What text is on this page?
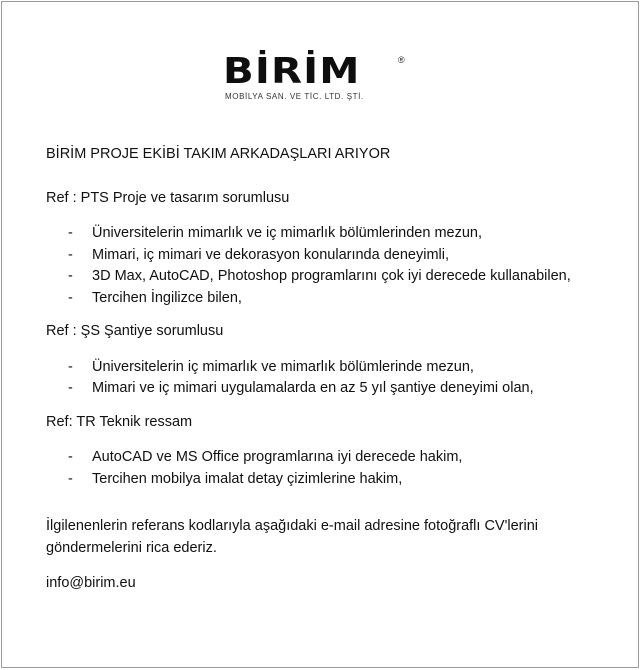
BİRİM	®
MOBİLYA SAN. VE TİC. LTD. ŞTİ.
BİRİM PROJE EKİBİ TAKIM ARKADAŞLARI ARIYOR
Ref : PTS Proje ve tasarım sorumlusu
- Üniversitelerin mimarlık ve iç mimarlık bölümlerinden mezun,
- Mimari, iç mimari ve dekorasyon konularında deneyimli,
- 3D Max, AutoCAD, Photoshop programlarını çok iyi derecede kullanabilen,
- Tercihen İngilizce bilen,
Ref : ŞS Şantiye sorumlusu
- Üniversitelerin iç mimarlık ve mimarlık bölümlerinde mezun,
- Mimari ve iç mimari uygulamalarda en az 5 yıl şantiye deneyimi olan,
Ref: TR Teknik ressam
- AutoCAD ve MS Office programlarına iyi derecede hakim,
- Tercihen mobilya imalat detay çizimlerine hakim,
İlgilenenlerin referans kodlarıyla aşağıdaki e-mail adresine fotoğraflı CV'lerini
göndermelerini rica ederiz.
info@birim.eu
